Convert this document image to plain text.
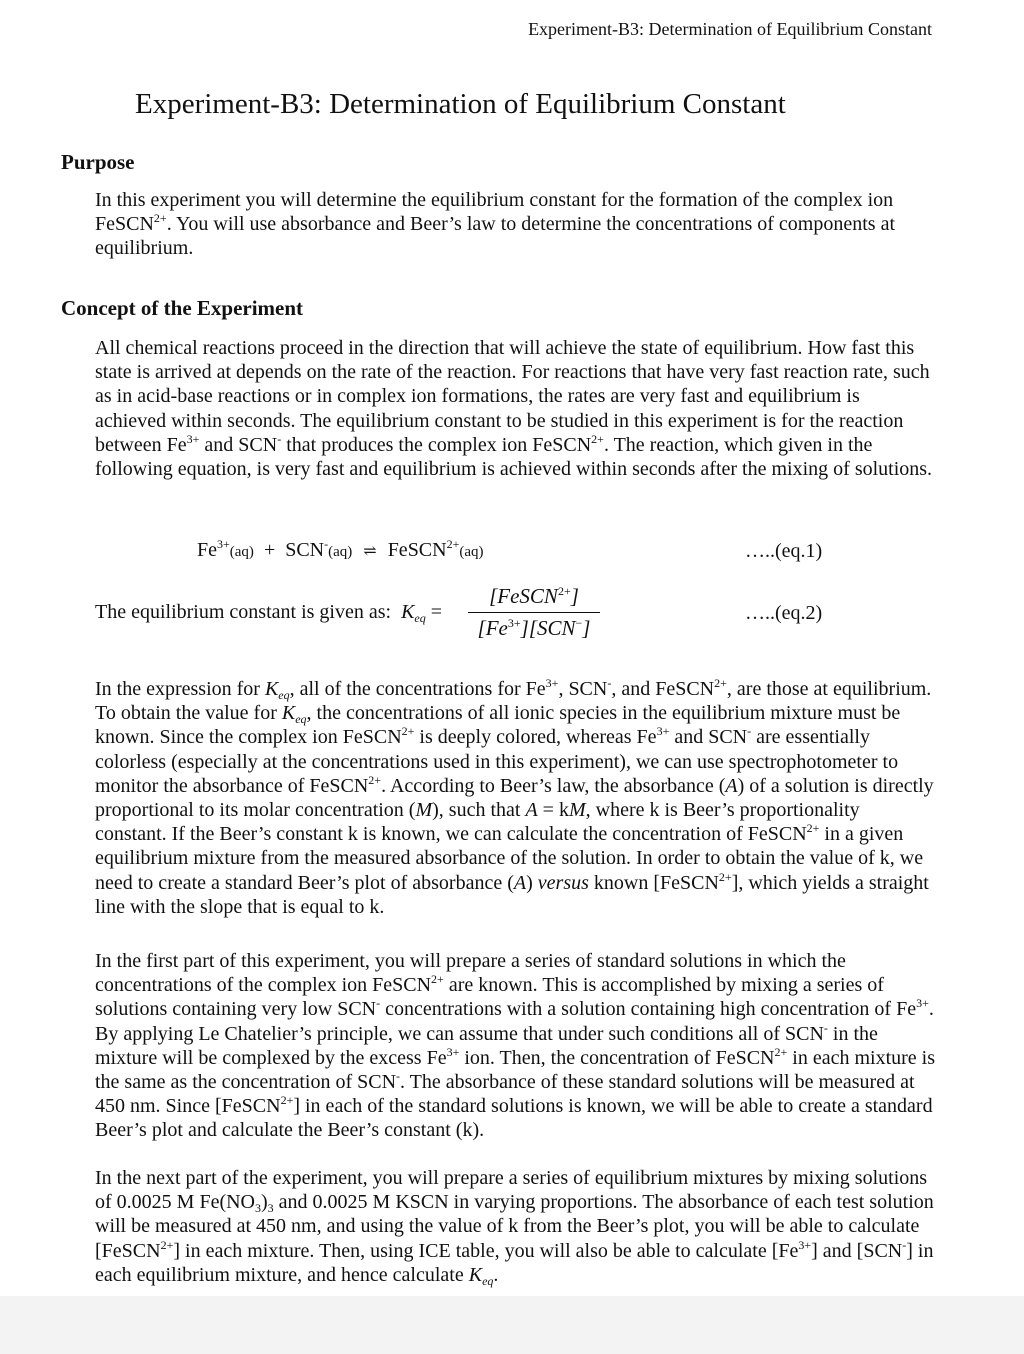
Experiment-B3: Determination of Equilibrium Constant
Experiment-B3: Determination of Equilibrium Constant
Purpose

In this experiment you will determine the equilibrium constant for the formation of the complex ion FeSCN$^{2+}$. You will use absorbance and Beer’s law to determine the concentrations of components at equilibrium.

Concept of the Experiment

All chemical reactions proceed in the direction that will achieve the state of equilibrium. How fast this state is arrived at depends on the rate of the reaction. For reactions that have very fast reaction rate, such as in acid-base reactions or in complex ion formations, the rates are very fast and equilibrium is achieved within seconds. The equilibrium constant to be studied in this experiment is for the reaction between $Fe^{3+}$ and SCN- that produces the complex ion FeSCN$^{2+}$. The reaction, which given in the following equation, is very fast and equilibrium is achieved within seconds after the mixing of solutions.

$Fe^{3+}(aq) + SCN^-(aq)$ ⇌ FeSCN$^{2+}$(aq)	…..(eq.1)
The equilibrium constant is given as: $K_{eq}$ =
[FeSCN$^{2+}$]
$[Fe^{3+}][SCN^-]$
…..(eq.2)

In the expression for $K_{eq}$, all of the concentrations for $Fe^{3+}$, SCN-, and FeSCN$^{2+}$, are those at equilibrium. To obtain the value for $K_{eq}$, the concentrations of all ionic species in the equilibrium mixture must be known. Since the complex ion FeSCN$^{2+}$ is deeply colored, whereas $Fe^{3+}$ and SCN- are essentially colorless (especially at the concentrations used in this experiment), we can use spectrophotometer to monitor the absorbance of FeSCN$^{2+}$. According to Beer’s law, the absorbance (A) of a solution is directly proportional to its molar concentration (M), such that A = kM, where k is Beer’s proportionality constant. If the Beer’s constant k is known, we can calculate the concentration of FeSCN$^{2+}$ in a given equilibrium mixture from the measured absorbance of the solution. In order to obtain the value of k, we need to create a standard Beer’s plot of absorbance (A) versus known [FeSCN$^{2+}$], which yields a straight line with the slope that is equal to k.

In the first part of this experiment, you will prepare a series of standard solutions in which the concentrations of the complex ion FeSCN$^{2+}$ are known. This is accomplished by mixing a series of solutions containing very low SCN- concentrations with a solution containing high concentration of $Fe^{3+}$. By applying Le Chatelier’s principle, we can assume that under such conditions all of SCN- in the mixture will be complexed by the excess $Fe^{3+}$ ion. Then, the concentration of FeSCN$^{2+}$ in each mixture is the same as the concentration of SCN-. The absorbance of these standard solutions will be measured at 450 nm. Since [FeSCN$^{2+}$] in each of the standard solutions is known, we will be able to create a standard Beer’s plot and calculate the Beer’s constant (k).

In the next part of the experiment, you will prepare a series of equilibrium mixtures by mixing solutions of 0.0025 M $Fe(NO_3)_3$ and 0.0025 M KSCN in varying proportions. The absorbance of each test solution will be measured at 450 nm, and using the value of k from the Beer’s plot, you will be able to calculate [FeSCN$^{2+}$] in each mixture. Then, using ICE table, you will also be able to calculate $[Fe^{3+}]$ and [SCN-] in each equilibrium mixture, and hence calculate $K_{eq}$.
